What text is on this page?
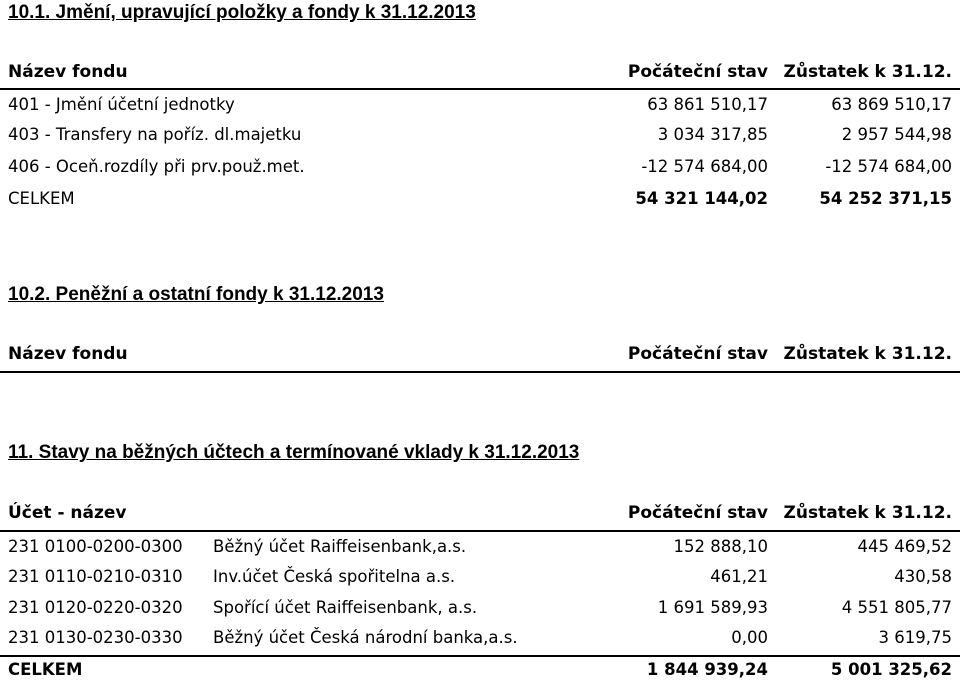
10.1. Jmění, upravující položky a fondy k 31.12.2013
Název fondu	Počáteční stav Zůstatek k 31.12.
401 - Jmění účetní jednotky	63 861 510,17	63 869 510,17
403 - Transfery na poříz. dl.majetku	3 034 317,85	2 957 544,98
406 - Oceň.rozdíly při prv.použ.met.	-12 574 684,00	-12 574 684,00
CELKEM	54 321 144,02	54 252 371,15
10.2. Peněžní a ostatní fondy k 31.12.2013
Název fondu	Počáteční stav Zůstatek k 31.12.
11. Stavy na běžných účtech a termínované vklady k 31.12.2013
Účet - název	Počáteční stav Zůstatek k 31.12.
231 0100-0200-0300 Běžný účet Raiffeisenbank,a.s.	152 888,10	445 469,52
231 0110-0210-0310 Inv.účet Česká spořitelna a.s.	461,21	430,58
231 0120-0220-0320 Spořící účet Raiffeisenbank, a.s.	1 691 589,93	4 551 805,77
231 0130-0230-0330 Běžný účet Česká národní banka,a.s.	0,00	3 619,75
CELKEM	1 844 939,24	5 001 325,62
